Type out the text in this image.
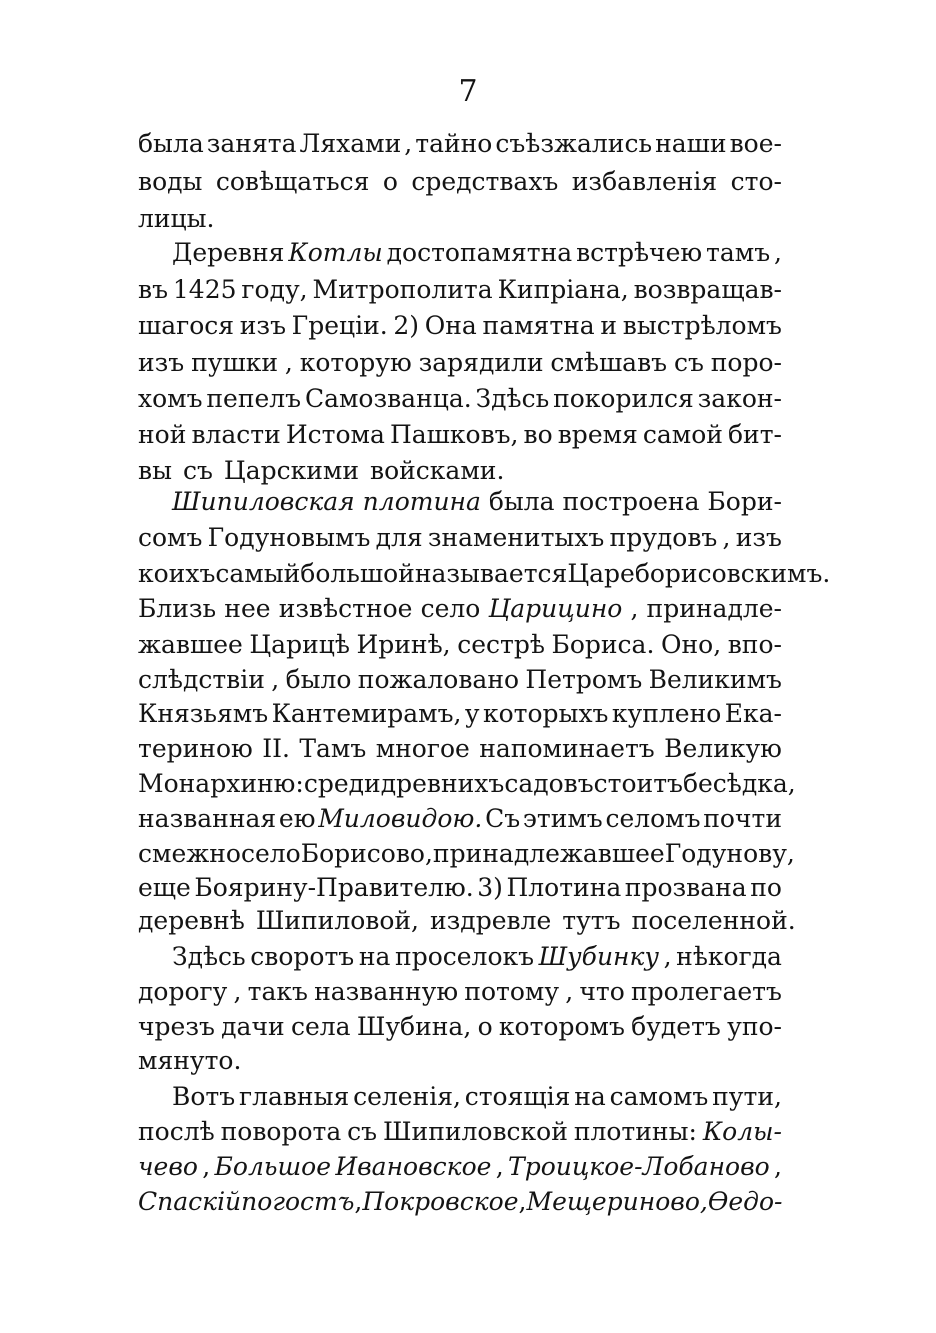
7
была занята Ляхами , тайно съѣзжались наши вое-
воды совѣщаться о средствахъ избавленія сто-
лицы.
Деревня Котлы достопамятна встрѣчею тамъ ,
въ 1425 году, Митрополита Кипріана, возвращав-
шагося изъ Греціи. 2) Она памятна и выстрѣломъ
изъ пушки , которую зарядили смѣшавъ съ поро-
хомъ пепелъ Самозванца. Здѣсь покорился закон-
ной власти Истома Пашковъ, во время самой бит-
вы съ Царскими войсками.
Шипиловская плотина была построена Бори-
сомъ Годуновымъ для знаменитыхъ прудовъ , изъ
коихъ самый большой называется Цареборисовскимъ.
Близь нее извѣстное село Царицино , принадле-
жавшее Царицѣ Иринѣ, сестрѣ Бориса. Оно, впо-
слѣдствіи , было пожаловано Петромъ Великимъ
Князьямъ Кантемирамъ, у которыхъ куплено Ека-
териною II. Тамъ многое напоминаетъ Великую
Монархиню: среди древнихъ садовъ стоитъ бесѣдка,
названная ею Миловидою. Съ этимъ селомъ почти
смежно село Борисово, принадлежавшее Годунову,
еще Боярину-Правителю. 3) Плотина прозвана по
деревнѣ Шипиловой, издревле тутъ поселенной.
Здѣсь своротъ на проселокъ Шубинку , нѣкогда
дорогу , такъ названную потому , что пролегаетъ
чрезъ дачи села Шубина, о которомъ будетъ упо-
мянуто.
Вотъ главныя селенія, стоящія на самомъ пути,
послѣ поворота съ Шипиловской плотины: Колы-
чево , Большое Ивановское , Троицкое-Лобаново ,
Спаскій погостъ , Покровское , Мещериново, Ѳедо-
